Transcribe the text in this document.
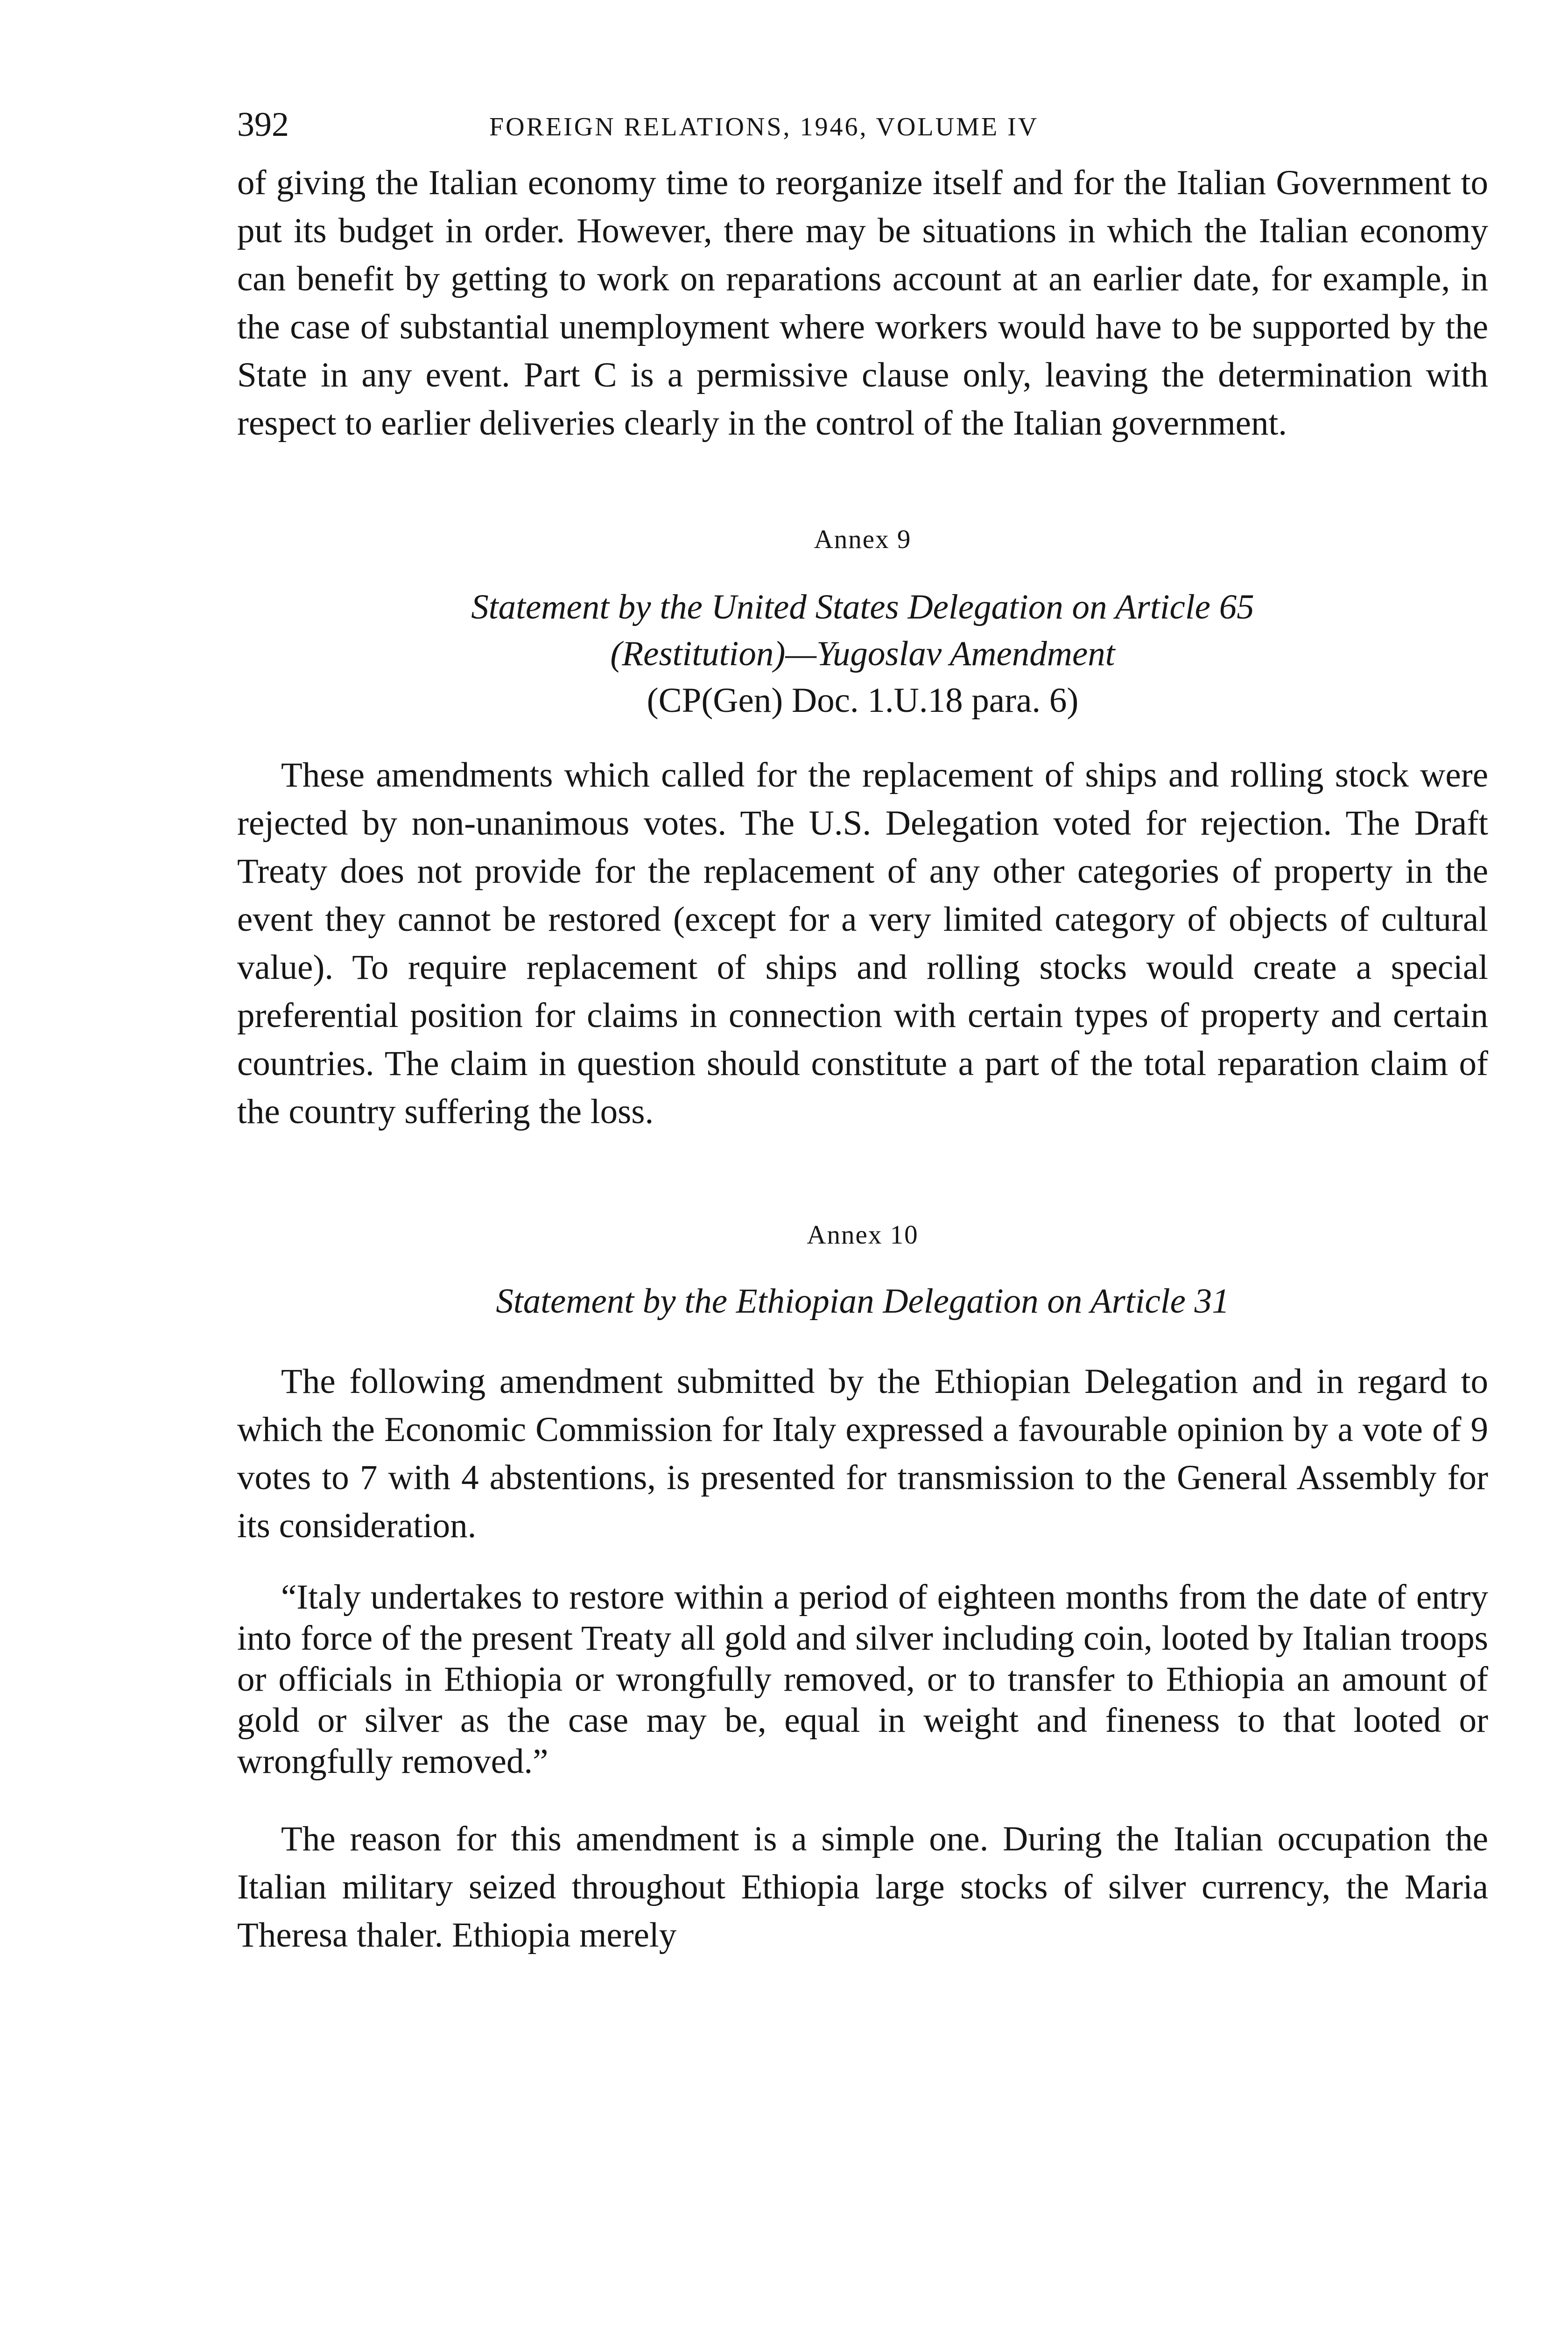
392	FOREIGN RELATIONS, 1946, VOLUME IV

of giving the Italian economy time to reorganize itself and for the Italian Government to put its budget in order. However, there may be situations in which the Italian economy can benefit by getting to work on reparations account at an earlier date, for example, in the case of substantial unemployment where workers would have to be supported by the State in any event. Part C is a permissive clause only, leaving the determination with respect to earlier deliveries clearly in the control of the Italian government.

Annex 9
Statement by the United States Delegation on Article 65
(Restitution)—Yugoslav Amendment
(CP(Gen) Doc. 1.U.18 para. 6)

These amendments which called for the replacement of ships and rolling stock were rejected by non-unanimous votes. The U.S. Delegation voted for rejection. The Draft Treaty does not provide for the replacement of any other categories of property in the event they cannot be restored (except for a very limited category of objects of cultural value). To require replacement of ships and rolling stocks would create a special preferential position for claims in connection with certain types of property and certain countries. The claim in question should constitute a part of the total reparation claim of the country suffering the loss.

Annex 10
Statement by the Ethiopian Delegation on Article 31

The following amendment submitted by the Ethiopian Delegation and in regard to which the Economic Commission for Italy expressed a favourable opinion by a vote of 9 votes to 7 with 4 abstentions, is presented for transmission to the General Assembly for its consideration.

“Italy undertakes to restore within a period of eighteen months from the date of entry into force of the present Treaty all gold and silver including coin, looted by Italian troops or officials in Ethiopia or wrongfully removed, or to transfer to Ethiopia an amount of gold or silver as the case may be, equal in weight and fineness to that looted or wrongfully removed.”

The reason for this amendment is a simple one. During the Italian occupation the Italian military seized throughout Ethiopia large stocks of silver currency, the Maria Theresa thaler. Ethiopia merely
